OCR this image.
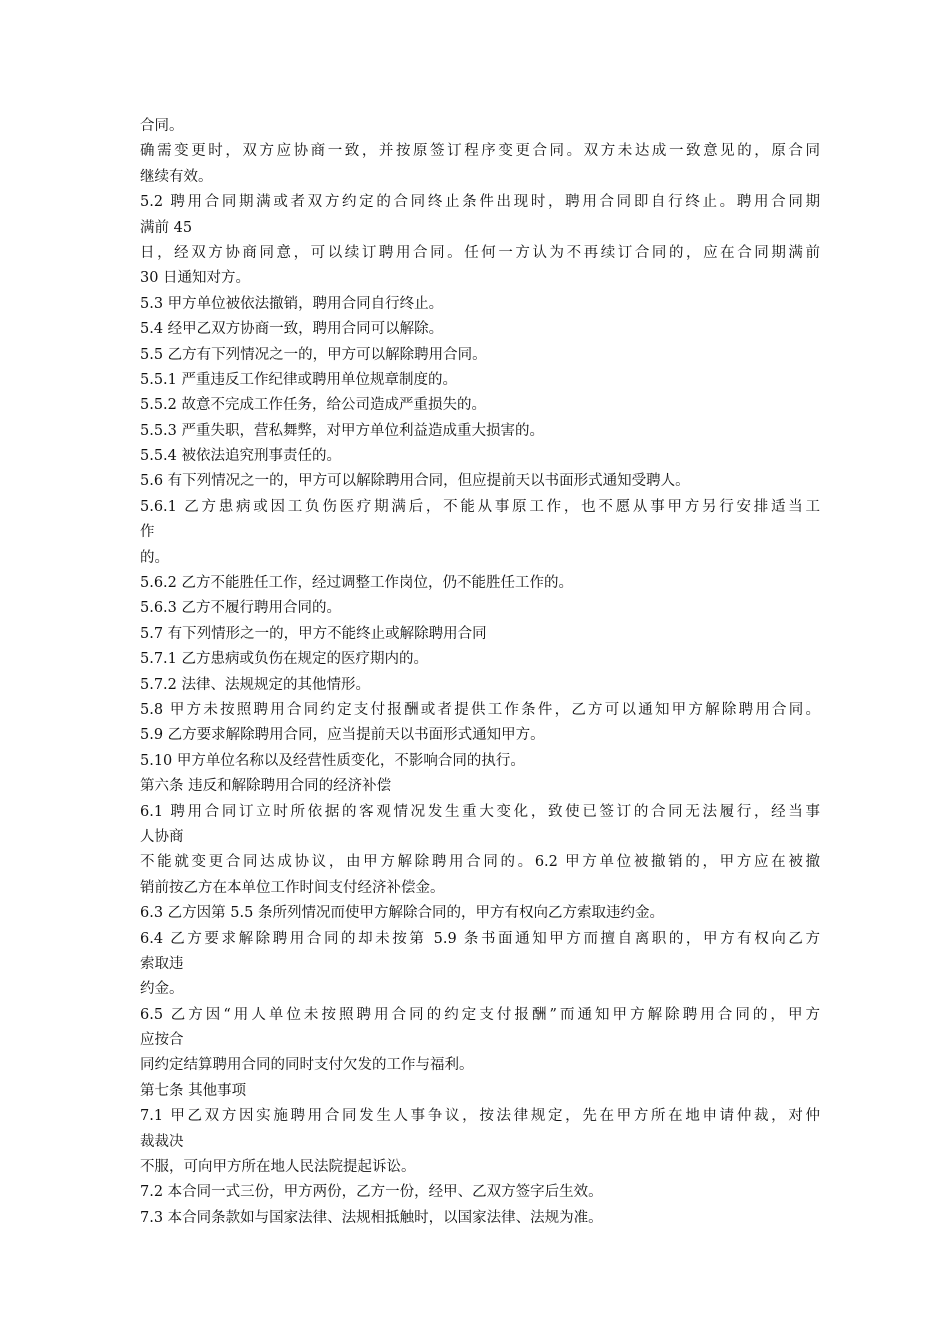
合同。
确需变更时，双方应协商一致，并按原签订程序变更合同。双方未达成一致意见的，原合同
继续有效。
5.2 聘用合同期满或者双方约定的合同终止条件出现时，聘用合同即自行终止。聘用合同期
满前 45
日，经双方协商同意，可以续订聘用合同。任何一方认为不再续订合同的，应在合同期满前
30 日通知对方。
5.3 甲方单位被依法撤销，聘用合同自行终止。
5.4 经甲乙双方协商一致，聘用合同可以解除。
5.5 乙方有下列情况之一的，甲方可以解除聘用合同。
5.5.1 严重违反工作纪律或聘用单位规章制度的。
5.5.2 故意不完成工作任务，给公司造成严重损失的。
5.5.3 严重失职，营私舞弊，对甲方单位利益造成重大损害的。
5.5.4 被依法追究刑事责任的。
5.6 有下列情况之一的，甲方可以解除聘用合同，但应提前天以书面形式通知受聘人。
5.6.1 乙方患病或因工负伤医疗期满后，不能从事原工作，也不愿从事甲方另行安排适当工
作
的。
5.6.2 乙方不能胜任工作，经过调整工作岗位，仍不能胜任工作的。
5.6.3 乙方不履行聘用合同的。
5.7 有下列情形之一的，甲方不能终止或解除聘用合同
5.7.1 乙方患病或负伤在规定的医疗期内的。
5.7.2 法律、法规规定的其他情形。
5.8 甲方未按照聘用合同约定支付报酬或者提供工作条件，乙方可以通知甲方解除聘用合同。
5.9 乙方要求解除聘用合同，应当提前天以书面形式通知甲方。
5.10 甲方单位名称以及经营性质变化，不影响合同的执行。
第六条 违反和解除聘用合同的经济补偿
6.1 聘用合同订立时所依据的客观情况发生重大变化，致使已签订的合同无法履行，经当事
人协商
不能就变更合同达成协议，由甲方解除聘用合同的。6.2 甲方单位被撤销的，甲方应在被撤
销前按乙方在本单位工作时间支付经济补偿金。
6.3 乙方因第 5.5 条所列情况而使甲方解除合同的，甲方有权向乙方索取违约金。
6.4 乙方要求解除聘用合同的却未按第 5.9 条书面通知甲方而擅自离职的，甲方有权向乙方
索取违
约金。
6.5 乙方因“用人单位未按照聘用合同的约定支付报酬”而通知甲方解除聘用合同的，甲方
应按合
同约定结算聘用合同的同时支付欠发的工作与福利。
第七条 其他事项
7.1 甲乙双方因实施聘用合同发生人事争议，按法律规定，先在甲方所在地申请仲裁，对仲
裁裁决
不服，可向甲方所在地人民法院提起诉讼。
7.2 本合同一式三份，甲方两份，乙方一份，经甲、乙双方签字后生效。
7.3 本合同条款如与国家法律、法规相抵触时，以国家法律、法规为准。
